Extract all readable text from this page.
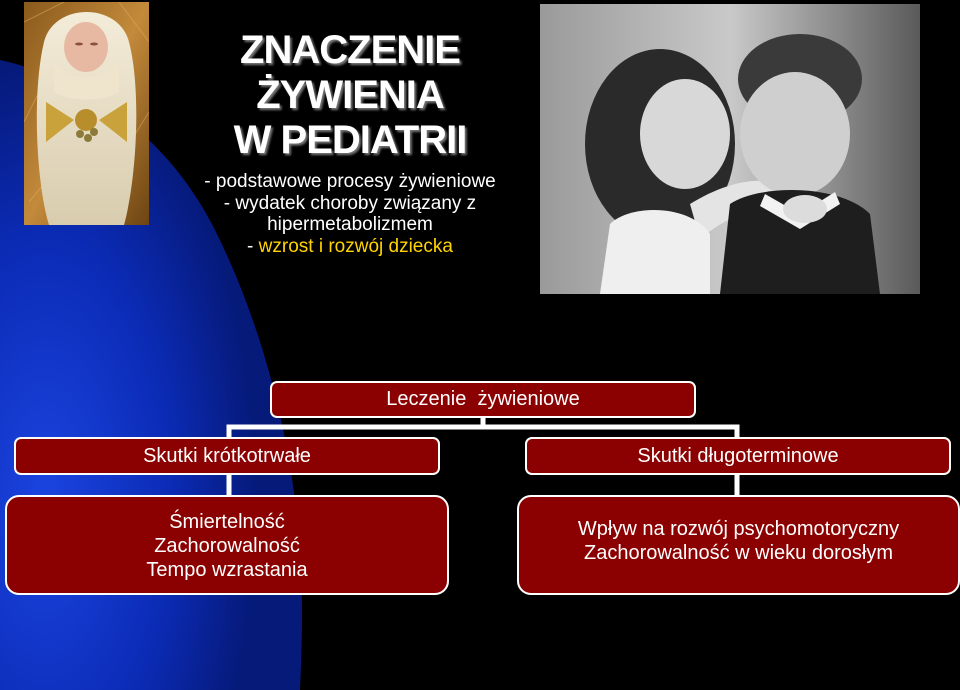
ZNACZENIE
ŻYWIENIA
W PEDIATRII
- podstawowe procesy żywieniowe
- wydatek choroby związany z
hipermetabolizmem
- wzrost i rozwój dziecka
Leczenie  żywieniowe
Skutki krótkotrwałe	Skutki długoterminowe
Śmiertelność
Zachorowalność
Tempo wzrastania
Wpływ na rozwój psychomotoryczny
Zachorowalność w wieku dorosłym
